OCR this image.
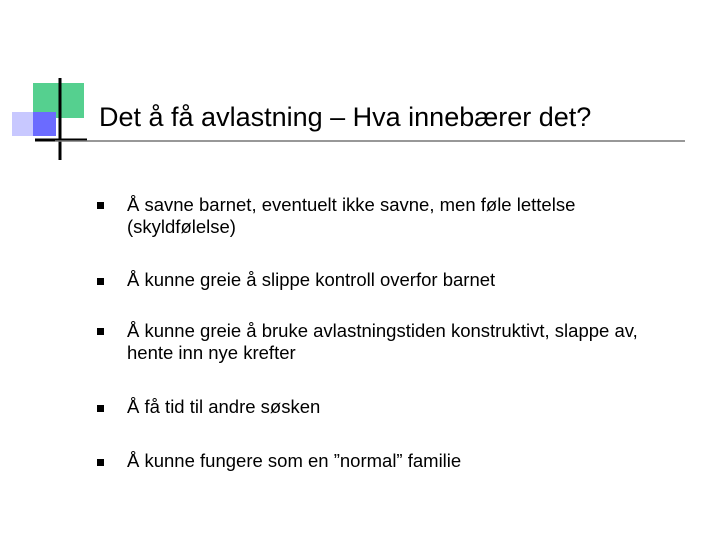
Det å få avlastning – Hva innebærer det?
Å savne barnet, eventuelt ikke savne, men føle lettelse (skyldfølelse)
Å kunne greie å slippe kontroll overfor barnet
Å kunne greie å bruke avlastningstiden konstruktivt, slappe av, hente inn nye krefter
Å få tid til andre søsken
Å kunne fungere som en ”normal” familie
